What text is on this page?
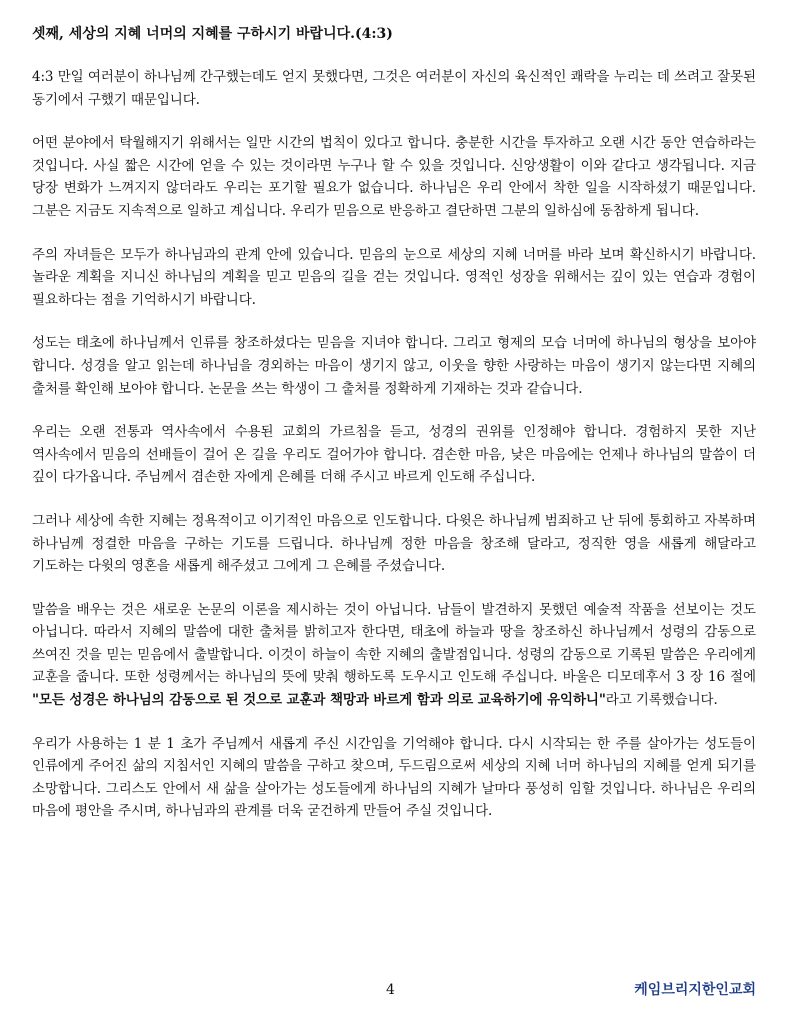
셋째, 세상의 지혜 너머의 지혜를 구하시기 바랍니다.(4:3)

4:3 만일 여러분이 하나님께 간구했는데도 얻지 못했다면, 그것은 여러분이 자신의 육신적인 쾌락을 누리는 데 쓰려고 잘못된 동기에서 구했기 때문입니다.

어떤 분야에서 탁월해지기 위해서는 일만 시간의 법칙이 있다고 합니다. 충분한 시간을 투자하고 오랜 시간 동안 연습하라는 것입니다. 사실 짧은 시간에 얻을 수 있는 것이라면 누구나 할 수 있을 것입니다. 신앙생활이 이와 같다고 생각됩니다. 지금 당장 변화가 느껴지지 않더라도 우리는 포기할 필요가 없습니다. 하나님은 우리 안에서 착한 일을 시작하셨기 때문입니다. 그분은 지금도 지속적으로 일하고 계십니다. 우리가 믿음으로 반응하고 결단하면 그분의 일하심에 동참하게 됩니다.

주의 자녀들은 모두가 하나님과의 관계 안에 있습니다. 믿음의 눈으로 세상의 지혜 너머를 바라 보며 확신하시기 바랍니다. 놀라운 계획을 지니신 하나님의 계획을 믿고 믿음의 길을 걷는 것입니다. 영적인 성장을 위해서는 깊이 있는 연습과 경험이 필요하다는 점을 기억하시기 바랍니다.

성도는 태초에 하나님께서 인류를 창조하셨다는 믿음을 지녀야 합니다. 그리고 형제의 모습 너머에 하나님의 형상을 보아야 합니다. 성경을 알고 읽는데 하나님을 경외하는 마음이 생기지 않고, 이웃을 향한 사랑하는 마음이 생기지 않는다면 지혜의 출처를 확인해 보아야 합니다. 논문을 쓰는 학생이 그 출처를 정확하게 기재하는 것과 같습니다.

우리는 오랜 전통과 역사속에서 수용된 교회의 가르침을 듣고, 성경의 권위를 인정해야 합니다. 경험하지 못한 지난 역사속에서 믿음의 선배들이 걸어 온 길을 우리도 걸어가야 합니다. 겸손한 마음, 낮은 마음에는 언제나 하나님의 말씀이 더 깊이 다가옵니다. 주님께서 겸손한 자에게 은혜를 더해 주시고 바르게 인도해 주십니다.

그러나 세상에 속한 지혜는 정욕적이고 이기적인 마음으로 인도합니다. 다윗은 하나님께 범죄하고 난 뒤에 통회하고 자복하며 하나님께 정결한 마음을 구하는 기도를 드립니다. 하나님께 정한 마음을 창조해 달라고, 정직한 영을 새롭게 해달라고 기도하는 다윗의 영혼을 새롭게 해주셨고 그에게 그 은혜를 주셨습니다.

말씀을 배우는 것은 새로운 논문의 이론을 제시하는 것이 아닙니다. 남들이 발견하지 못했던 예술적 작품을 선보이는 것도 아닙니다. 따라서 지혜의 말씀에 대한 출처를 밝히고자 한다면, 태초에 하늘과 땅을 창조하신 하나님께서 성령의 감동으로 쓰여진 것을 믿는 믿음에서 출발합니다. 이것이 하늘이 속한 지혜의 출발점입니다. 성령의 감동으로 기록된 말씀은 우리에게 교훈을 줍니다. 또한 성령께서는 하나님의 뜻에 맞춰 행하도록 도우시고 인도해 주십니다. 바울은 디모데후서 3 장 16 절에 "모든 성경은 하나님의 감동으로 된 것으로 교훈과 책망과 바르게 함과 의로 교육하기에 유익하니"라고 기록했습니다.

우리가 사용하는 1 분 1 초가 주님께서 새롭게 주신 시간임을 기억해야 합니다. 다시 시작되는 한 주를 살아가는 성도들이 인류에게 주어진 삶의 지침서인 지혜의 말씀을 구하고 찾으며, 두드림으로써 세상의 지혜 너머 하나님의 지혜를 얻게 되기를 소망합니다. 그리스도 안에서 새 삶을 살아가는 성도들에게 하나님의 지혜가 날마다 풍성히 임할 것입니다. 하나님은 우리의 마음에 평안을 주시며, 하나님과의 관계를 더욱 굳건하게 만들어 주실 것입니다.

4	케임브리지한인교회
